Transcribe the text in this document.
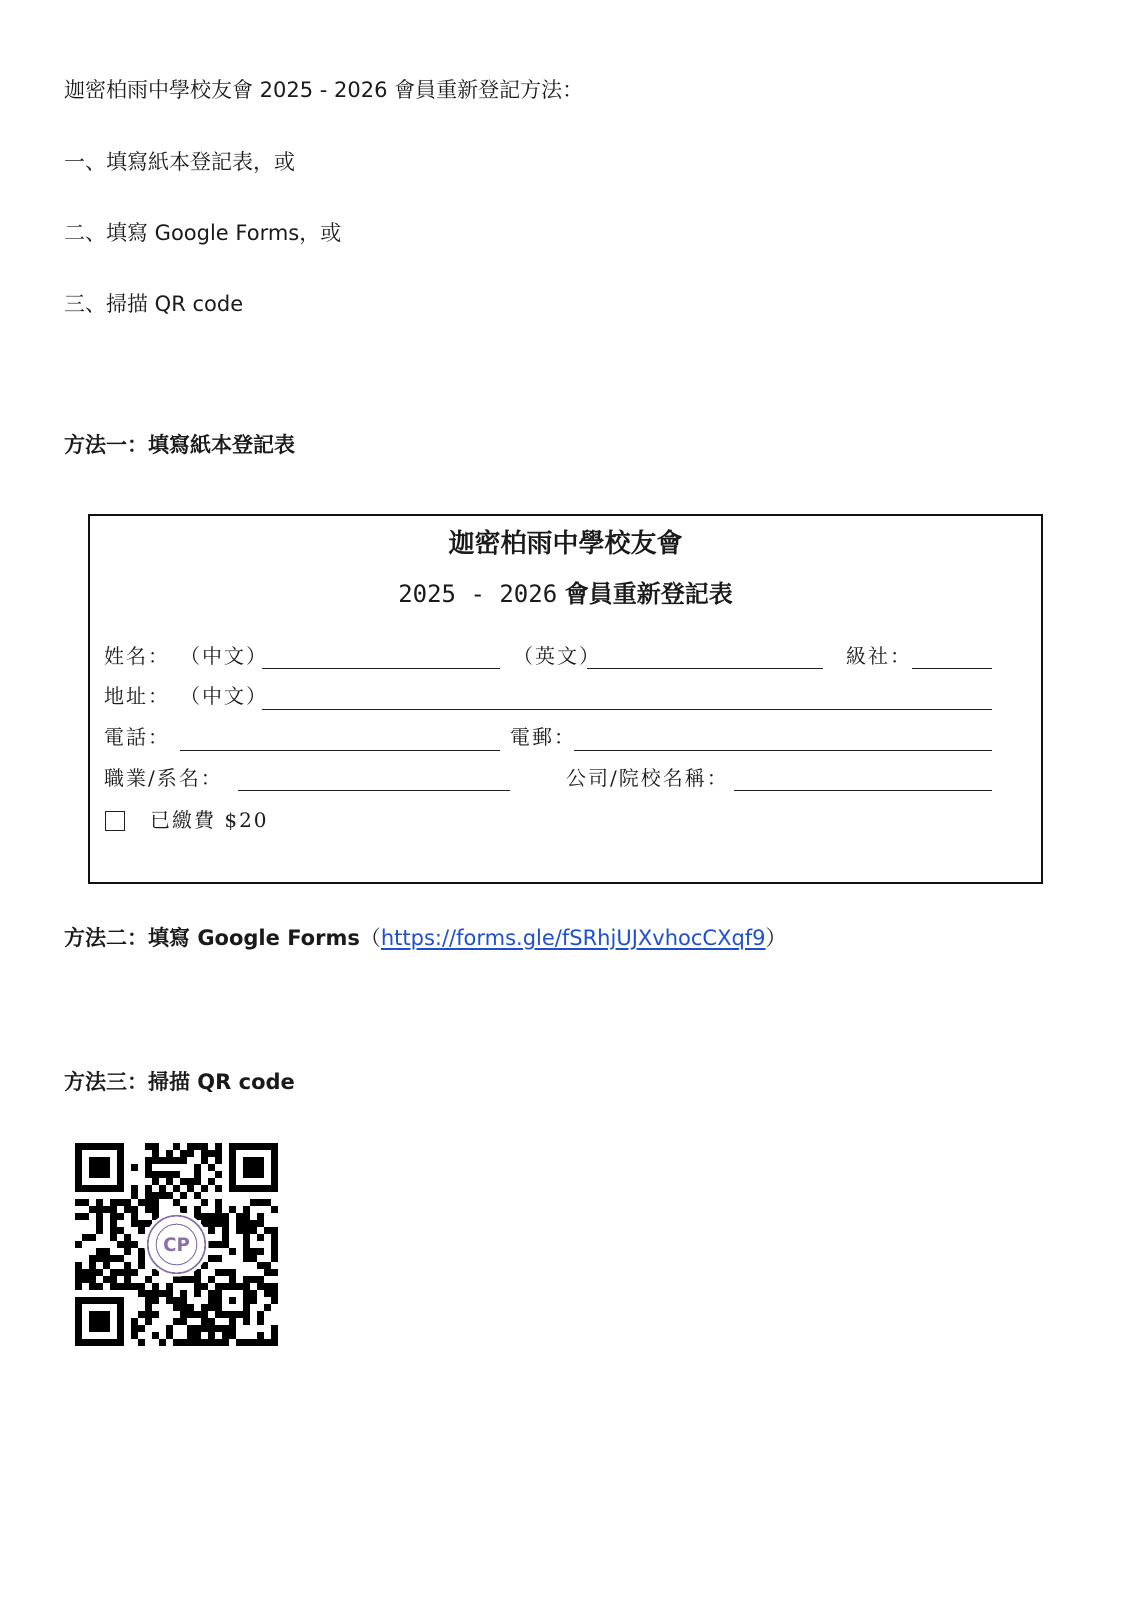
迦密柏雨中學校友會 2025 - 2026 會員重新登記方法：
一、填寫紙本登記表，或
二、填寫 Google Forms，或
三、掃描 QR code
方法一：填寫紙本登記表
迦密柏雨中學校友會
2025 - 2026 會員重新登記表
姓名： （中文）	（英文）	級社：
地址： （中文）
電話：	電郵：
職業/系名：	公司/院校名稱：
已繳費 $20
方法二：填寫 Google Forms（https://forms.gle/fSRhjUJXvhocCXqf9）
方法三：掃描 QR code
CP
